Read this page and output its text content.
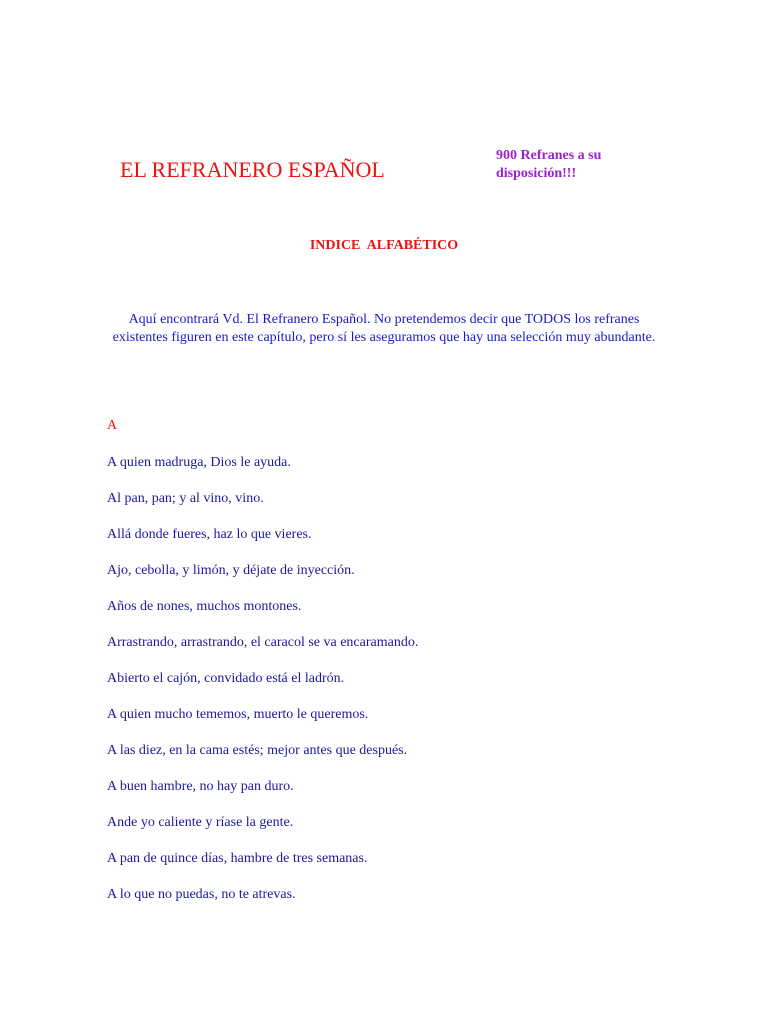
EL REFRANERO ESPAÑOL
900 Refranes a su disposición!!!
INDICE  ALFABÉTICO

Aquí encontrará Vd. El Refranero Español. No pretendemos decir que TODOS los refranes existentes figuren en este capítulo, pero sí les aseguramos que hay una selección muy abundante.

A
A quien madruga, Dios le ayuda.
Al pan, pan; y al vino, vino.
Allá donde fueres, haz lo que vieres.
Ajo, cebolla, y limón, y déjate de inyección.
Años de nones, muchos montones.
Arrastrando, arrastrando, el caracol se va encaramando.
Abierto el cajón, convidado está el ladrón.
A quien mucho tememos, muerto le queremos.
A las diez, en la cama estés; mejor antes que después.
A buen hambre, no hay pan duro.
Ande yo caliente y ríase la gente.
A pan de quince días, hambre de tres semanas.
A lo que no puedas, no te atrevas.
